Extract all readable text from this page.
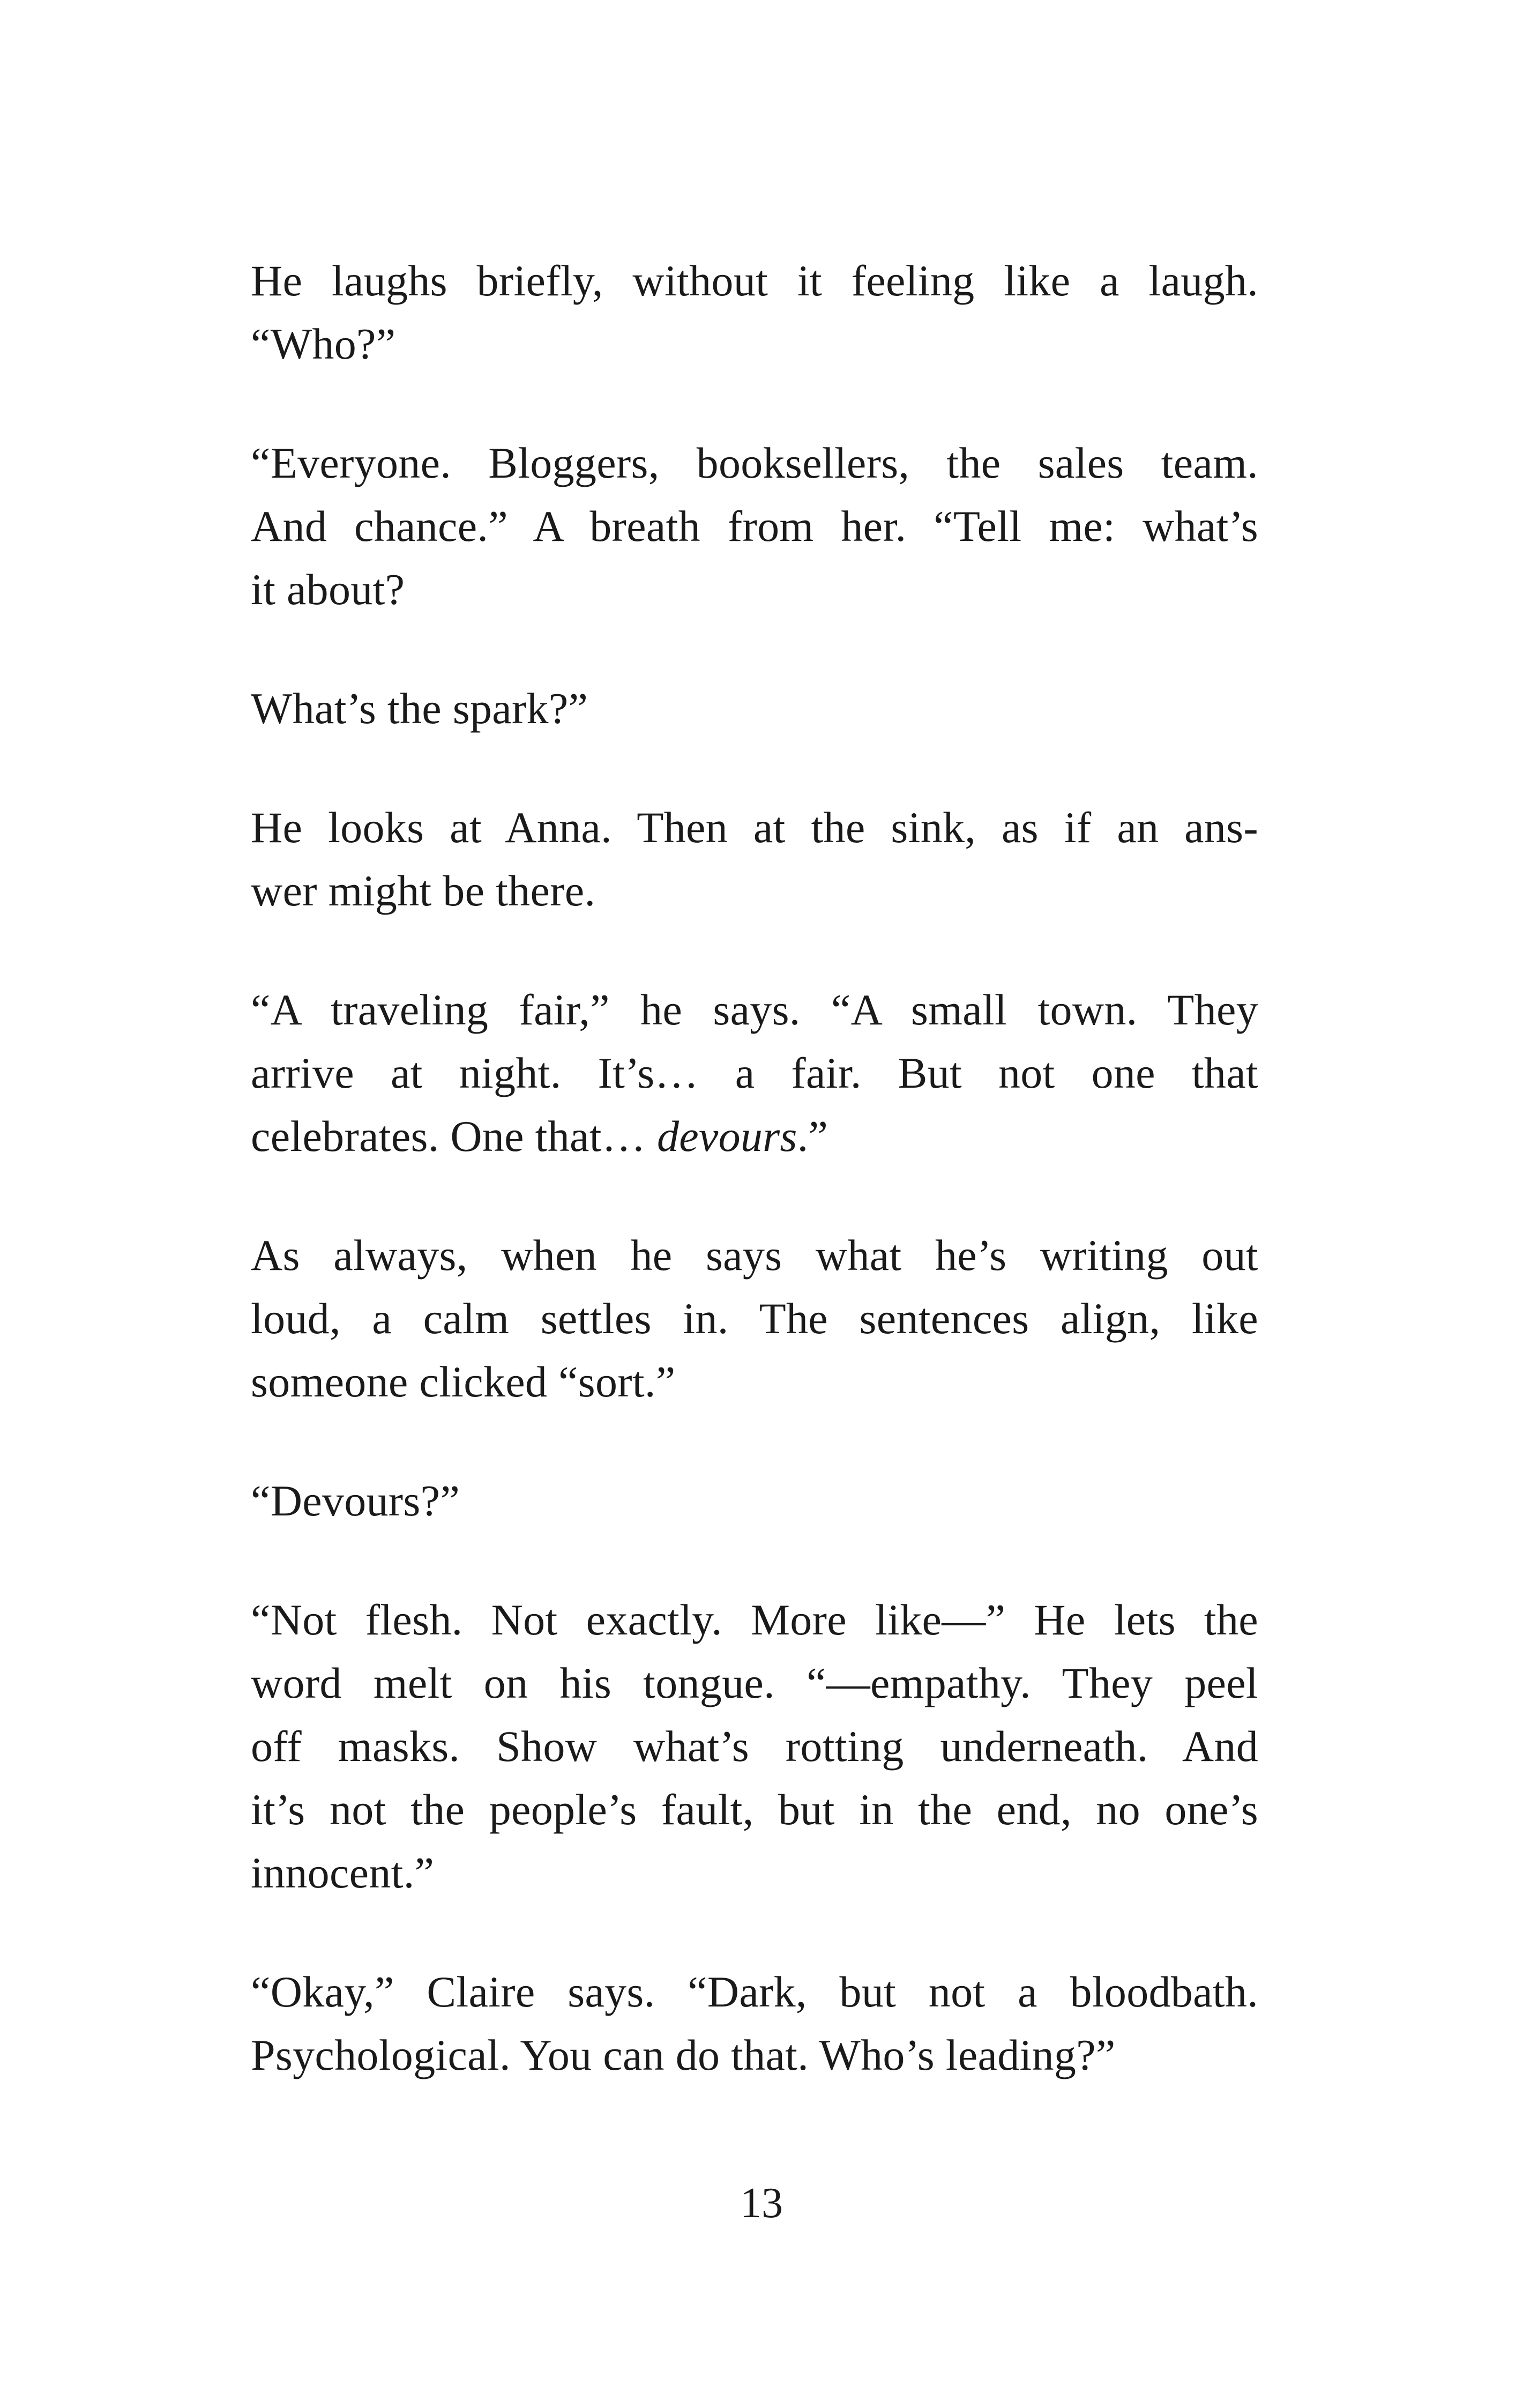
He laughs briefly, without it feeling like a laugh.
“Who?”

“Everyone. Bloggers, booksellers, the sales team.
And chance.” A breath from her. “Tell me: what’s
it about?

What’s the spark?”

He looks at Anna. Then at the sink, as if an ans-
wer might be there.

“A traveling fair,” he says. “A small town. They
arrive at night. It’s… a fair. But not one that
celebrates. One that… devours.”

As always, when he says what he’s writing out
loud, a calm settles in. The sentences align, like
someone clicked “sort.”

“Devours?”

“Not flesh. Not exactly. More like—” He lets the
word melt on his tongue. “—empathy. They peel
off masks. Show what’s rotting underneath. And
it’s not the people’s fault, but in the end, no one’s
innocent.”

“Okay,” Claire says. “Dark, but not a bloodbath.
Psychological. You can do that. Who’s leading?”

13
